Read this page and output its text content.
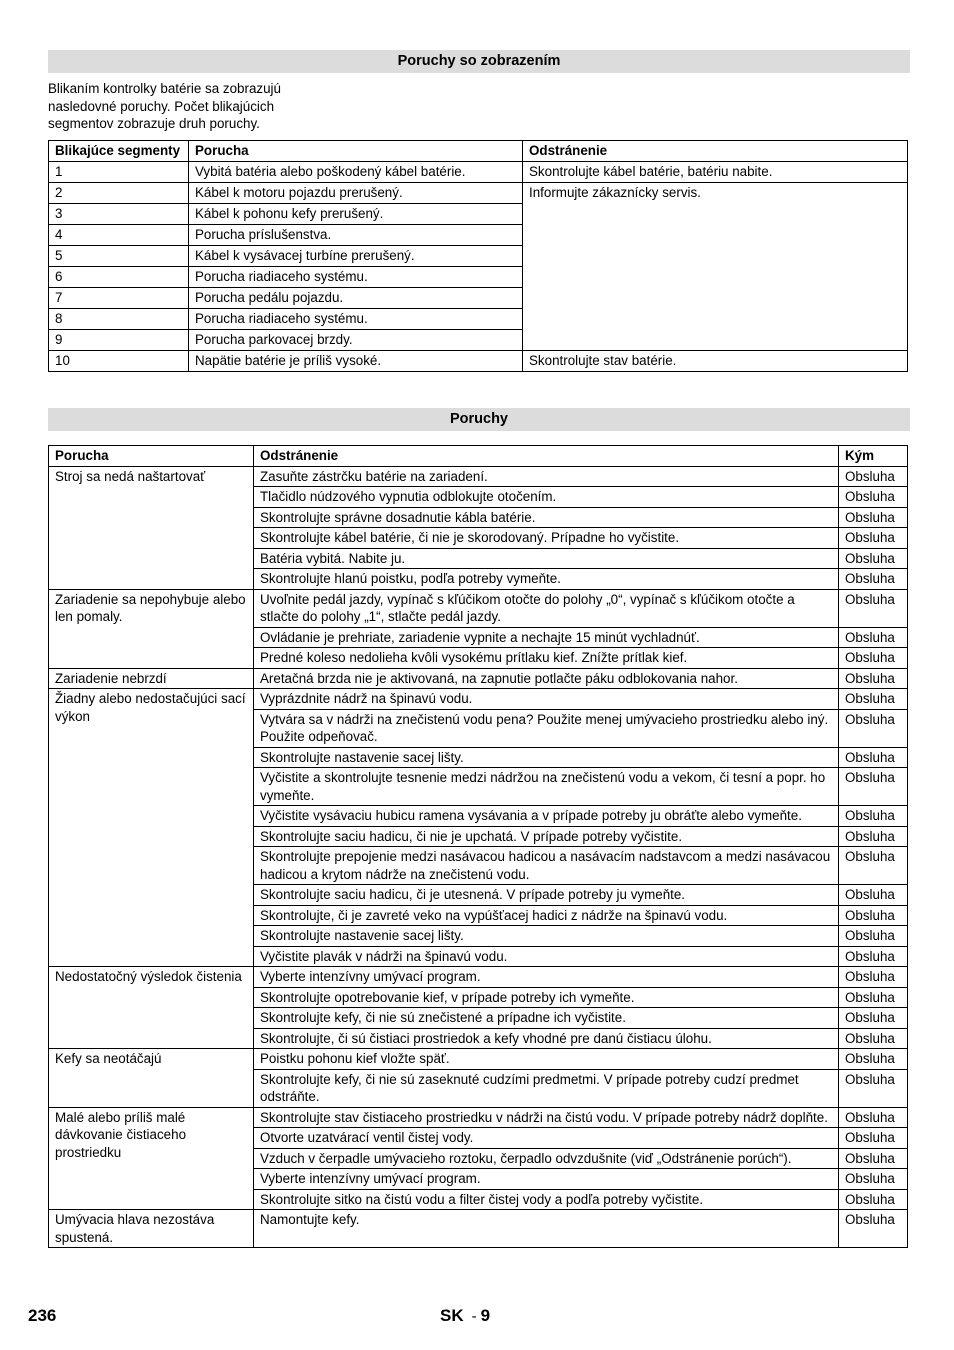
Poruchy so zobrazením
Blikaním kontrolky batérie sa zobrazujú nasledovné poruchy. Počet blikajúcich segmentov zobrazuje druh poruchy.
Blikajúce segmenty	Porucha	Odstránenie
1	Vybitá batéria alebo poškodený kábel batérie.	Skontrolujte kábel batérie, batériu nabite.
2	Kábel k motoru pojazdu prerušený.	Informujte zákaznícky servis.
3	Kábel k pohonu kefy prerušený.	
4	Porucha príslušenstva.	
5	Kábel k vysávacej turbíne prerušený.	
6	Porucha riadiaceho systému.	
7	Porucha pedálu pojazdu.	
8	Porucha riadiaceho systému.	
9	Porucha parkovacej brzdy.	
10	Napätie batérie je príliš vysoké.	Skontrolujte stav batérie.
Poruchy
Porucha	Odstránenie	Kým
Stroj sa nedá naštartovať	Zasuňte zástrčku batérie na zariadení.	Obsluha
	Tlačidlo núdzového vypnutia odblokujte otočením.	Obsluha
	Skontrolujte správne dosadnutie kábla batérie.	Obsluha
	Skontrolujte kábel batérie, či nie je skorodovaný. Prípadne ho vyčistite.	Obsluha
	Batéria vybitá. Nabite ju.	Obsluha
	Skontrolujte hlanú poistku, podľa potreby vymeňte.	Obsluha
Zariadenie sa nepohybuje alebo len pomaly.	Uvoľnite pedál jazdy, vypínač s kľúčikom otočte do polohy „0“, vypínač s kľúčikom otočte a stlačte do polohy „1“, stlačte pedál jazdy.	Obsluha
	Ovládanie je prehriate, zariadenie vypnite a nechajte 15 minút vychladnúť.	Obsluha
	Predné koleso nedolieha kvôli vysokému prítlaku kief. Znížte prítlak kief.	Obsluha
Zariadenie nebrzdí	Aretačná brzda nie je aktivovaná, na zapnutie potlačte páku odblokovania nahor.	Obsluha
Žiadny alebo nedostačujúci sací výkon	Vyprázdnite nádrž na špinavú vodu.	Obsluha
	Vytvára sa v nádrži na znečistenú vodu pena? Použite menej umývacieho prostriedku alebo iný. Použite odpeňovač.	Obsluha
	Skontrolujte nastavenie sacej lišty.	Obsluha
	Vyčistite a skontrolujte tesnenie medzi nádržou na znečistenú vodu a vekom, či tesní a popr. ho vymeňte.	Obsluha
	Vyčistite vysávaciu hubicu ramena vysávania a v prípade potreby ju obráťte alebo vymeňte.	Obsluha
	Skontrolujte saciu hadicu, či nie je upchatá. V prípade potreby vyčistite.	Obsluha
	Skontrolujte prepojenie medzi nasávacou hadicou a nasávacím nadstavcom a medzi nasávacou hadicou a krytom nádrže na znečistenú vodu.	Obsluha
	Skontrolujte saciu hadicu, či je utesnená. V prípade potreby ju vymeňte.	Obsluha
	Skontrolujte, či je zavreté veko na vypúšťacej hadici z nádrže na špinavú vodu.	Obsluha
	Skontrolujte nastavenie sacej lišty.	Obsluha
	Vyčistite plavák v nádrži na špinavú vodu.	Obsluha
Nedostatočný výsledok čistenia	Vyberte intenzívny umývací program.	Obsluha
	Skontrolujte opotrebovanie kief, v prípade potreby ich vymeňte.	Obsluha
	Skontrolujte kefy, či nie sú znečistené a prípadne ich vyčistite.	Obsluha
	Skontrolujte, či sú čistiaci prostriedok a kefy vhodné pre danú čistiacu úlohu.	Obsluha
Kefy sa neotáčajú	Poistku pohonu kief vložte späť.	Obsluha
	Skontrolujte kefy, či nie sú zaseknuté cudzími predmetmi. V prípade potreby cudzí predmet odstráňte.	Obsluha
Malé alebo príliš malé dávkovanie čistiaceho prostriedku	Skontrolujte stav čistiaceho prostriedku v nádrži na čistú vodu. V prípade potreby nádrž doplňte.	Obsluha
	Otvorte uzatvárací ventil čistej vody.	Obsluha
	Vzduch v čerpadle umývacieho roztoku, čerpadlo odvzdušnite (viď „Odstránenie porúch“).	Obsluha
	Vyberte intenzívny umývací program.	Obsluha
	Skontrolujte sitko na čistú vodu a filter čistej vody a podľa potreby vyčistite.	Obsluha
Umývacia hlava nezostáva spustená.	Namontujte kefy.	Obsluha
236	SK - 9
